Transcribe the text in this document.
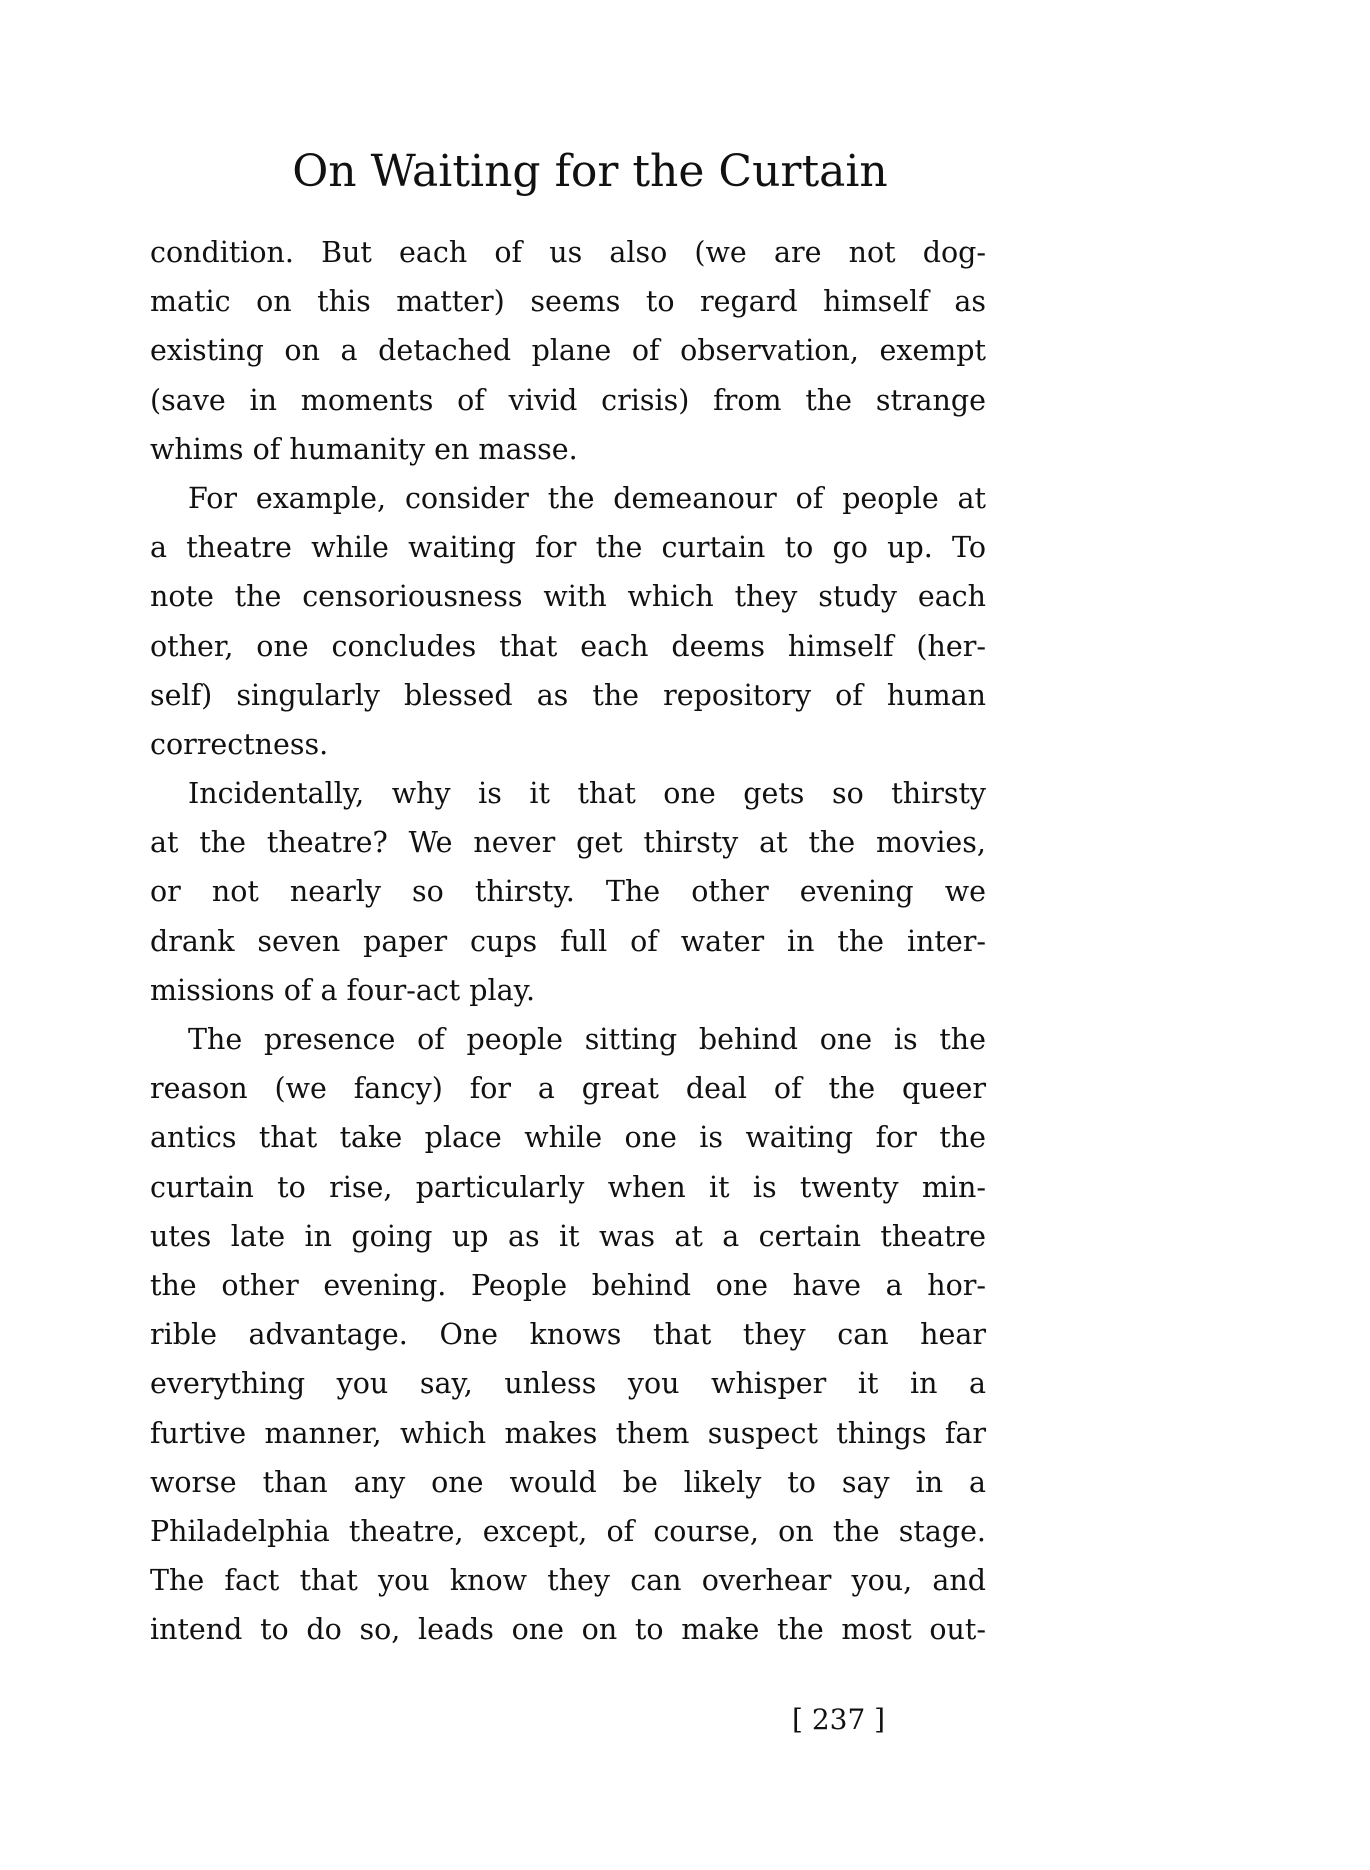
On Waiting for the Curtain
condition. But each of us also (we are not dog-
matic on this matter) seems to regard himself as
existing on a detached plane of observation, exempt
(save in moments of vivid crisis) from the strange
whims of humanity en masse.
For example, consider the demeanour of people at
a theatre while waiting for the curtain to go up. To
note the censoriousness with which they study each
other, one concludes that each deems himself (her-
self) singularly blessed as the repository of human
correctness.
Incidentally, why is it that one gets so thirsty
at the theatre? We never get thirsty at the movies,
or not nearly so thirsty. The other evening we
drank seven paper cups full of water in the inter-
missions of a four-act play.
The presence of people sitting behind one is the
reason (we fancy) for a great deal of the queer
antics that take place while one is waiting for the
curtain to rise, particularly when it is twenty min-
utes late in going up as it was at a certain theatre
the other evening. People behind one have a hor-
rible advantage. One knows that they can hear
everything you say, unless you whisper it in a
furtive manner, which makes them suspect things far
worse than any one would be likely to say in a
Philadelphia theatre, except, of course, on the stage.
The fact that you know they can overhear you, and
intend to do so, leads one on to make the most out-

[ 237 ]
